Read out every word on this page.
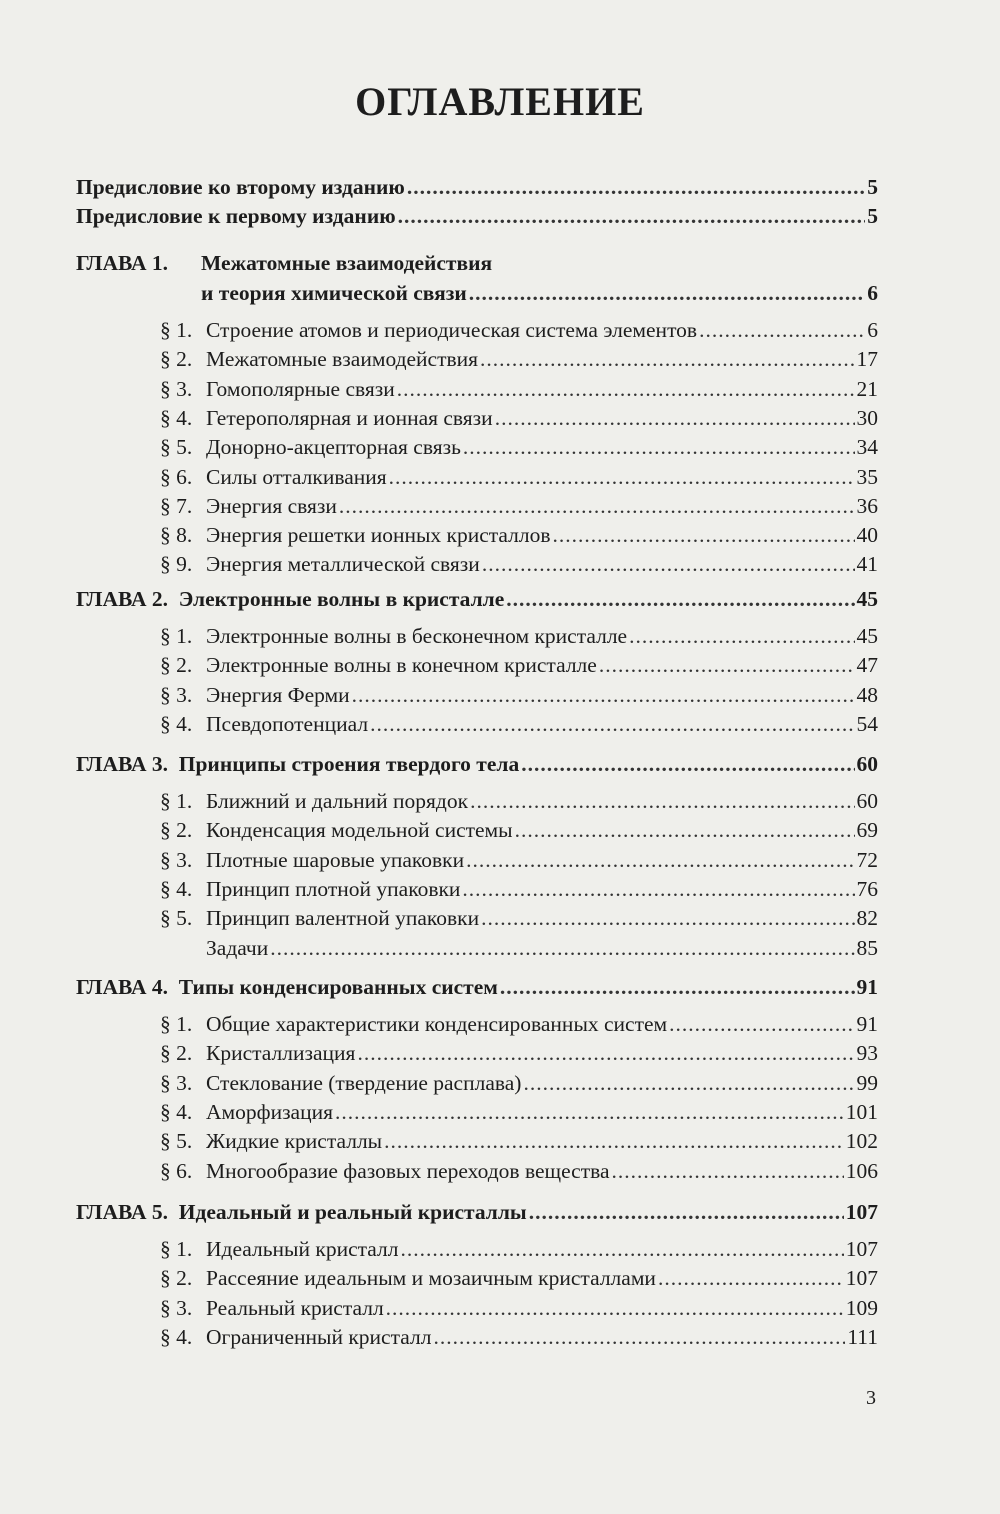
ОГЛАВЛЕНИЕ
Предисловие ко второму изданию .....	5
Предисловие к первому изданию .....	5
ГЛАВА 1. Межатомные взаимодействия
и теория химической связи .....	6
§ 1. Строение атомов и периодическая система элементов .....	6
§ 2. Межатомные взаимодействия .....	17
§ 3. Гомополярные связи .....	21
§ 4. Гетерополярная и ионная связи .....	30
§ 5. Донорно-акцепторная связь .....	34
§ 6. Силы отталкивания .....	35
§ 7. Энергия связи .....	36
§ 8. Энергия решетки ионных кристаллов .....	40
§ 9. Энергия металлической связи .....	41
ГЛАВА 2.  Электронные волны в кристалле .....	45
§ 1. Электронные волны в бесконечном кристалле .....	45
§ 2. Электронные волны в конечном кристалле .....	47
§ 3. Энергия Ферми .....	48
§ 4. Псевдопотенциал .....	54
ГЛАВА 3.  Принципы строения твердого тела .....	60
§ 1. Ближний и дальний порядок .....	60
§ 2. Конденсация модельной системы .....	69
§ 3. Плотные шаровые упаковки .....	72
§ 4. Принцип плотной упаковки .....	76
§ 5. Принцип валентной упаковки .....	82
Задачи .....	85
ГЛАВА 4.  Типы конденсированных систем .....	91
§ 1. Общие характеристики конденсированных систем .....	91
§ 2. Кристаллизация .....	93
§ 3. Стеклование (твердение расплава) .....	99
§ 4. Аморфизация .....	101
§ 5. Жидкие кристаллы .....	102
§ 6. Многообразие фазовых переходов вещества .....	106
ГЛАВА 5.  Идеальный и реальный кристаллы .....	107
§ 1. Идеальный кристалл .....	107
§ 2. Рассеяние идеальным и мозаичным кристаллами .....	107
§ 3. Реальный кристалл .....	109
§ 4. Ограниченный кристалл .....	111
3
